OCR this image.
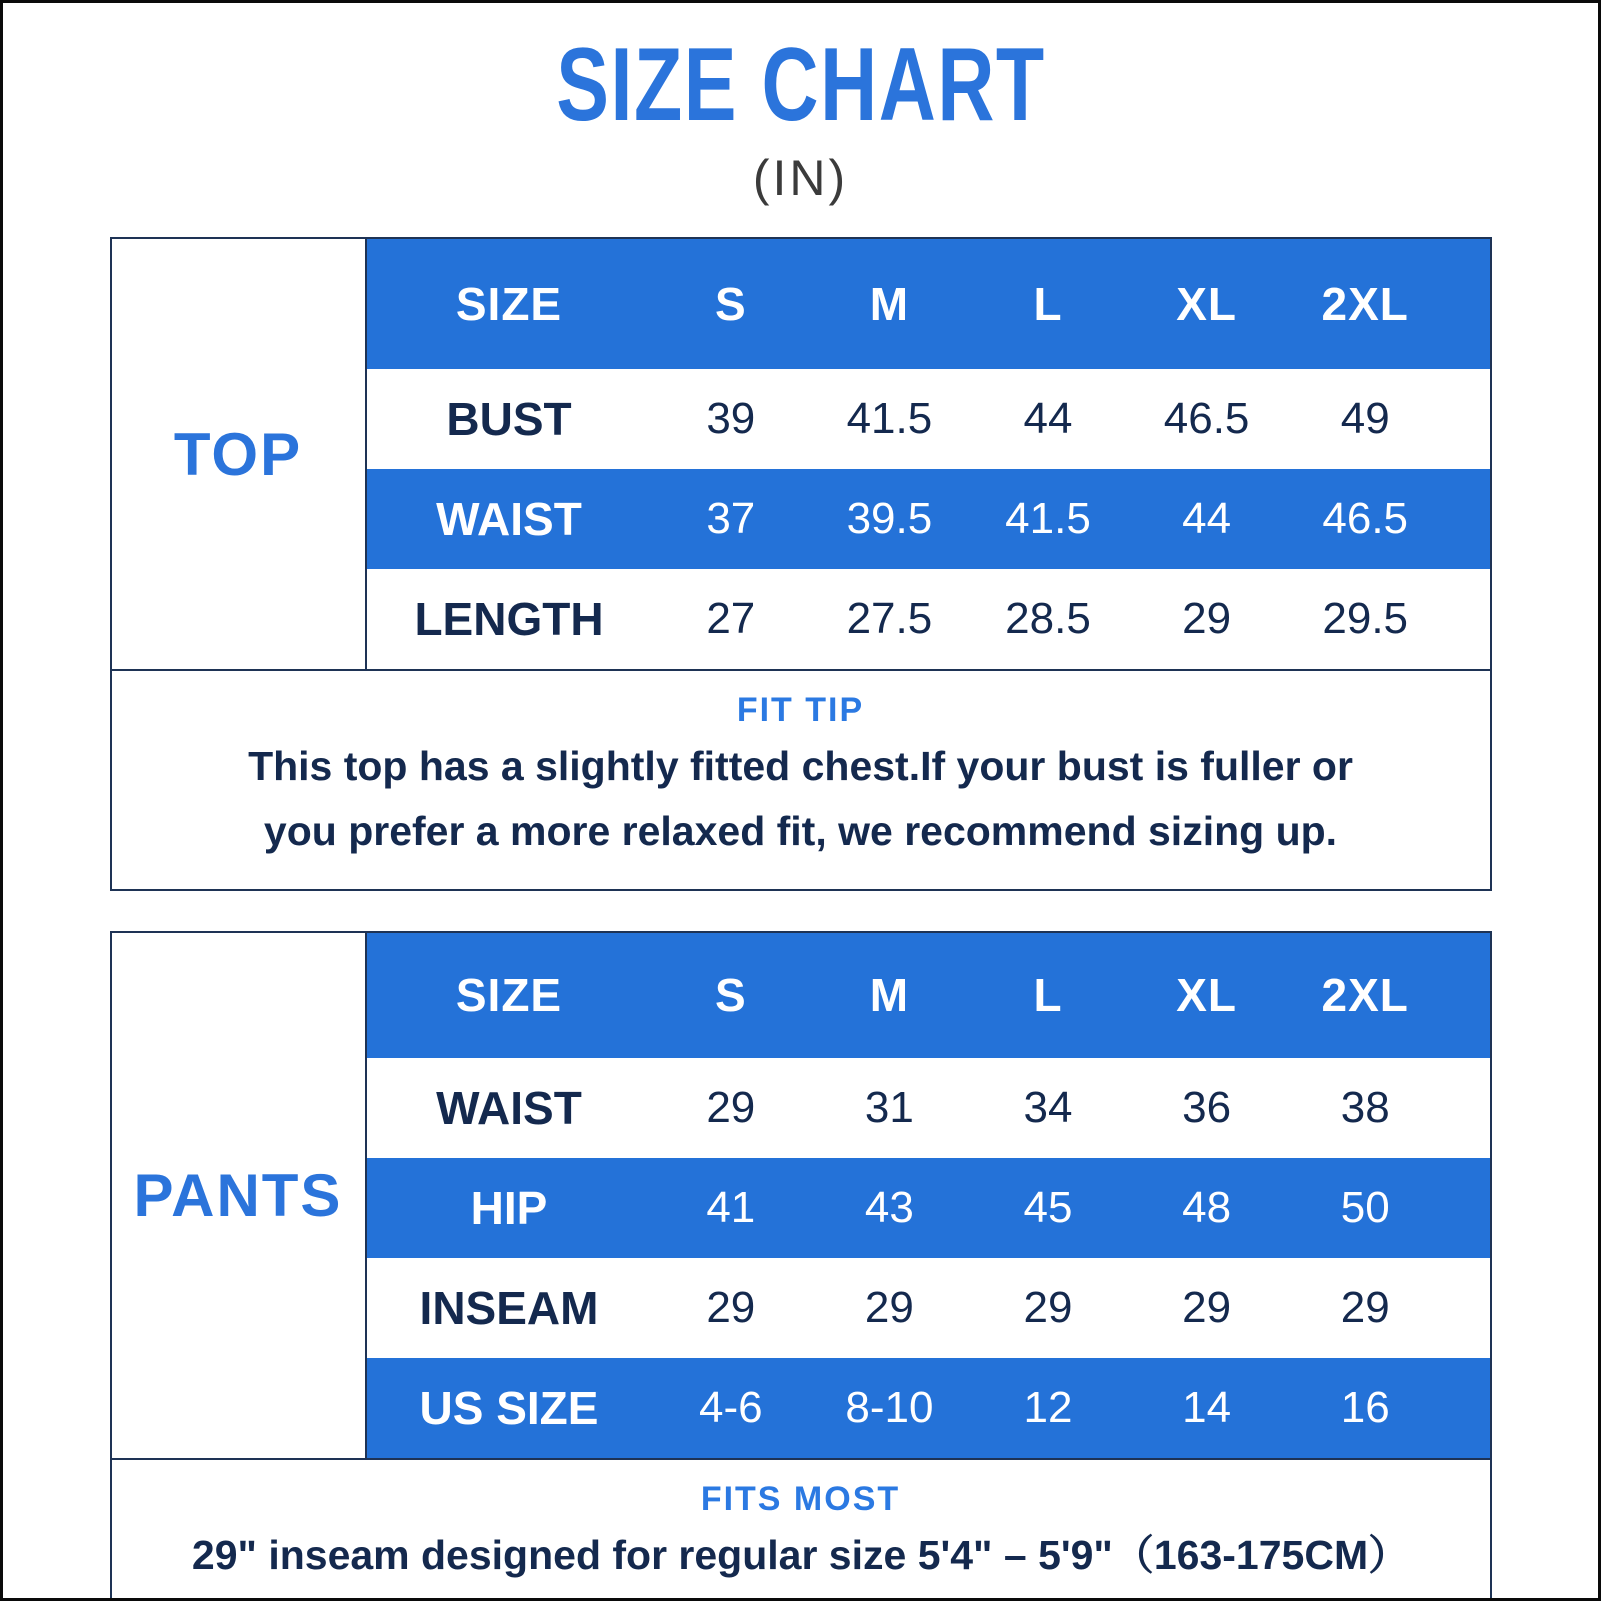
SIZE CHART
(IN)
TOP
SIZE	S	M	L	XL	2XL
BUST	39	41.5	44	46.5	49
WAIST	37	39.5	41.5	44	46.5
LENGTH	27	27.5	28.5	29	29.5
FIT TIP

This top has a slightly fitted chest.If your bust is fuller or

you prefer a more relaxed fit, we recommend sizing up.

PANTS
SIZE	S	M	L	XL	2XL
WAIST	29	31	34	36	38
HIP	41	43	45	48	50
INSEAM	29	29	29	29	29
US SIZE	4-6	8-10	12	14	16
FITS MOST

29" inseam designed for regular size 5'4" – 5'9"（163-175CM）
